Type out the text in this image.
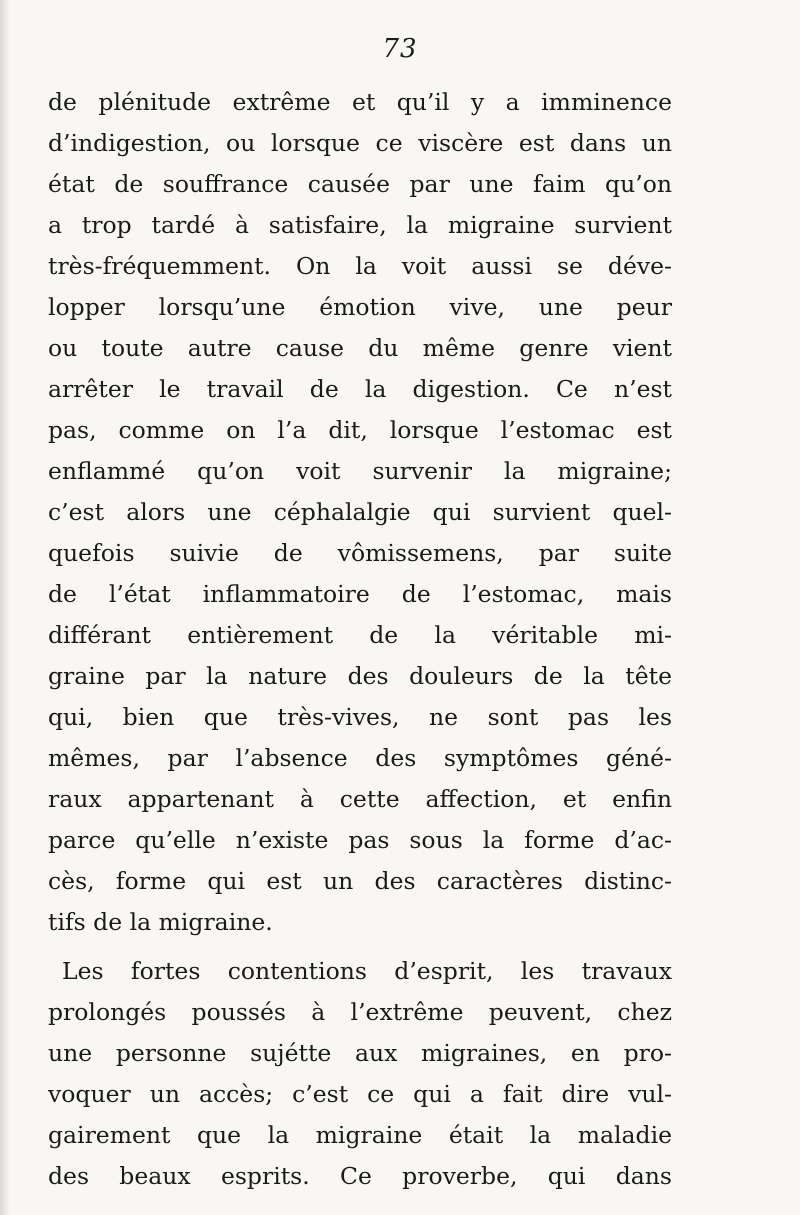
73
de plénitude extrême et qu’il y a imminence
d’indigestion, ou lorsque ce viscère est dans un
état de souffrance causée par une faim qu’on
a trop tardé à satisfaire, la migraine survient
très-fréquemment. On la voit aussi se déve-
lopper lorsqu’une émotion vive, une peur
ou toute autre cause du même genre vient
arrêter le travail de la digestion. Ce n’est
pas, comme on l’a dit, lorsque l’estomac est
enflammé qu’on voit survenir la migraine;
c’est alors une céphalalgie qui survient quel-
quefois suivie de vômissemens, par suite
de l’état inflammatoire de l’estomac, mais
différant entièrement de la véritable mi-
graine par la nature des douleurs de la tête
qui, bien que très-vives, ne sont pas les
mêmes, par l’absence des symptômes géné-
raux appartenant à cette affection, et enfin
parce qu’elle n’existe pas sous la forme d’ac-
cès, forme qui est un des caractères distinc-
tifs de la migraine.
Les fortes contentions d’esprit, les travaux
prolongés poussés à l’extrême peuvent, chez
une personne sujétte aux migraines, en pro-
voquer un accès; c’est ce qui a fait dire vul-
gairement que la migraine était la maladie
des beaux esprits. Ce proverbe, qui dans
